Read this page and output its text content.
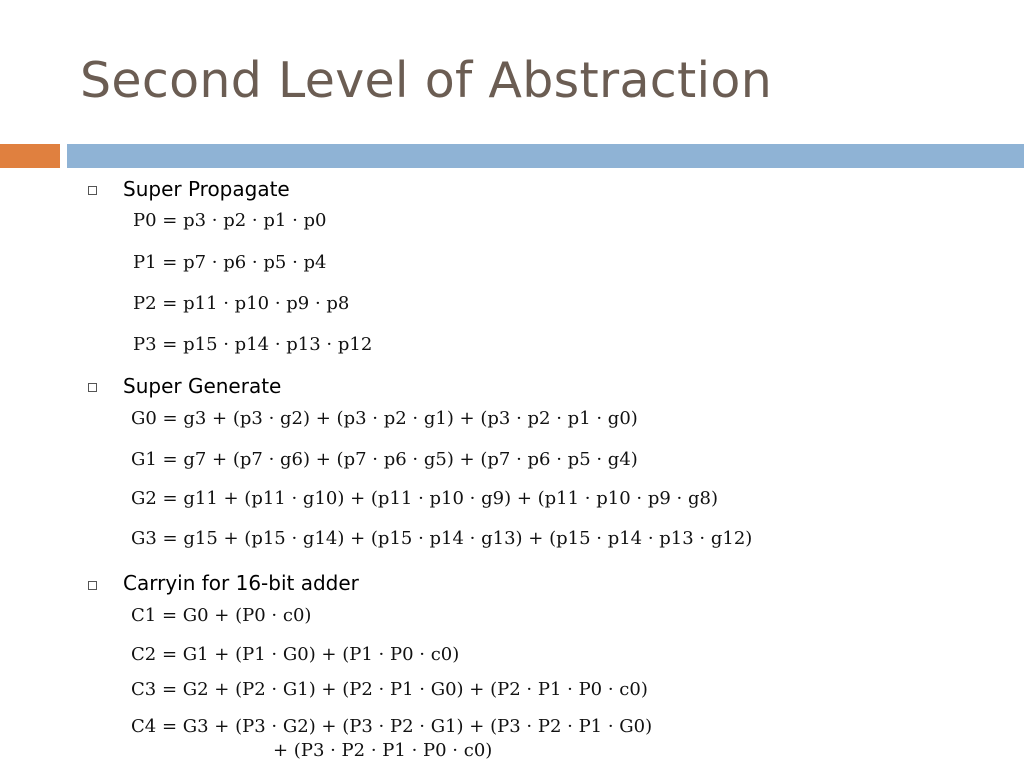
Second Level of Abstraction
Super Propagate
P0 = p3 · p2 · p1 · p0
P1 = p7 · p6 · p5 · p4
P2 = p11 · p10 · p9 · p8
P3 = p15 · p14 · p13 · p12
Super Generate
G0 = g3 + (p3 · g2) + (p3 · p2 · g1) + (p3 · p2 · p1 · g0)
G1 = g7 + (p7 · g6) + (p7 · p6 · g5) + (p7 · p6 · p5 · g4)
G2 = g11 + (p11 · g10) + (p11 · p10 · g9) + (p11 · p10 · p9 · g8)
G3 = g15 + (p15 · g14) + (p15 · p14 · g13) + (p15 · p14 · p13 · g12)
Carryin for 16-bit adder
C1 = G0 + (P0 · c0)
C2 = G1 + (P1 · G0) + (P1 · P0 · c0)
C3 = G2 + (P2 · G1) + (P2 · P1 · G0) + (P2 · P1 · P0 · c0)
C4 = G3 + (P3 · G2) + (P3 · P2 · G1) + (P3 · P2 · P1 · G0)
+ (P3 · P2 · P1 · P0 · c0)
